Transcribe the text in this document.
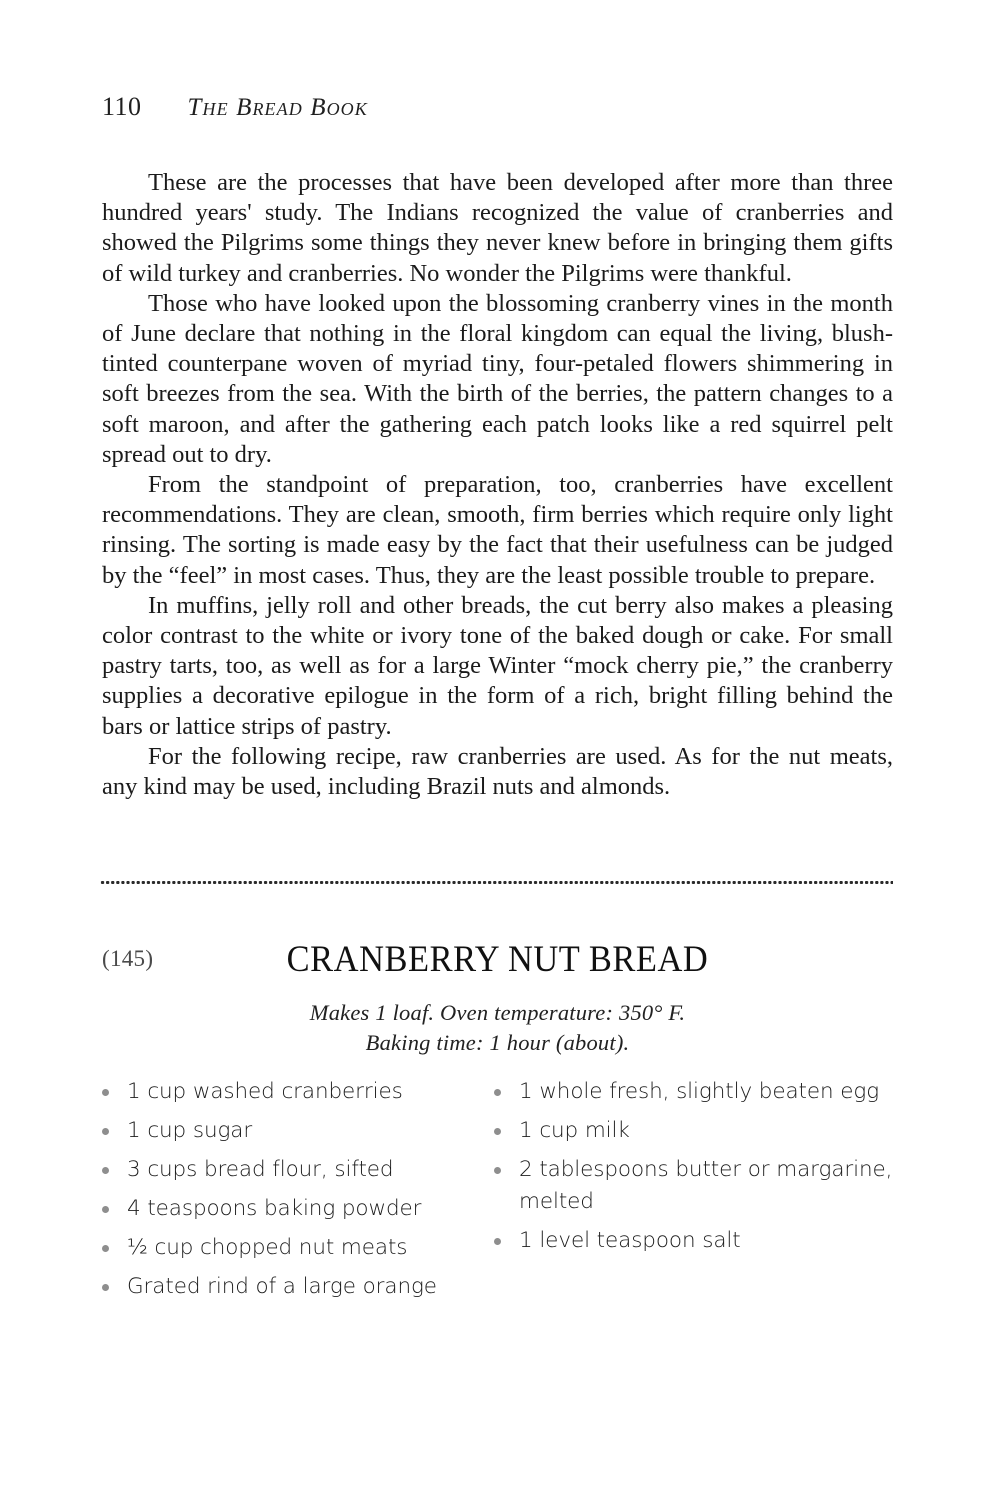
110 The Bread Book

These are the processes that have been developed after more than three hundred years' study. The Indians recognized the value of cranberries and showed the Pilgrims some things they never knew before in bringing them gifts of wild turkey and cranberries. No wonder the Pilgrims were thankful.

Those who have looked upon the blossoming cranberry vines in the month of June declare that nothing in the floral kingdom can equal the living, blush-tinted counterpane woven of myriad tiny, four-petaled flowers shimmering in soft breezes from the sea. With the birth of the berries, the pattern changes to a soft maroon, and after the gathering each patch looks like a red squirrel pelt spread out to dry.

From the standpoint of preparation, too, cranberries have excellent recommendations. They are clean, smooth, firm berries which require only light rinsing. The sorting is made easy by the fact that their usefulness can be judged by the “feel” in most cases. Thus, they are the least possible trouble to prepare.

In muffins, jelly roll and other breads, the cut berry also makes a pleasing color contrast to the white or ivory tone of the baked dough or cake. For small pastry tarts, too, as well as for a large Winter “mock cherry pie,” the cranberry supplies a decorative epilogue in the form of a rich, bright filling behind the bars or lattice strips of pastry.

For the following recipe, raw cranberries are used. As for the nut meats, any kind may be used, including Brazil nuts and almonds.

(145)	CRANBERRY NUT BREAD
Makes 1 loaf. Oven temperature: 350° F.
Baking time: 1 hour (about).
1 cup washed cranberries
1 cup sugar
3 cups bread flour, sifted
4 teaspoons baking powder
½ cup chopped nut meats
Grated rind of a large orange
1 whole fresh, slightly beaten egg
1 cup milk
2 tablespoons butter or margarine, melted
1 level teaspoon salt
